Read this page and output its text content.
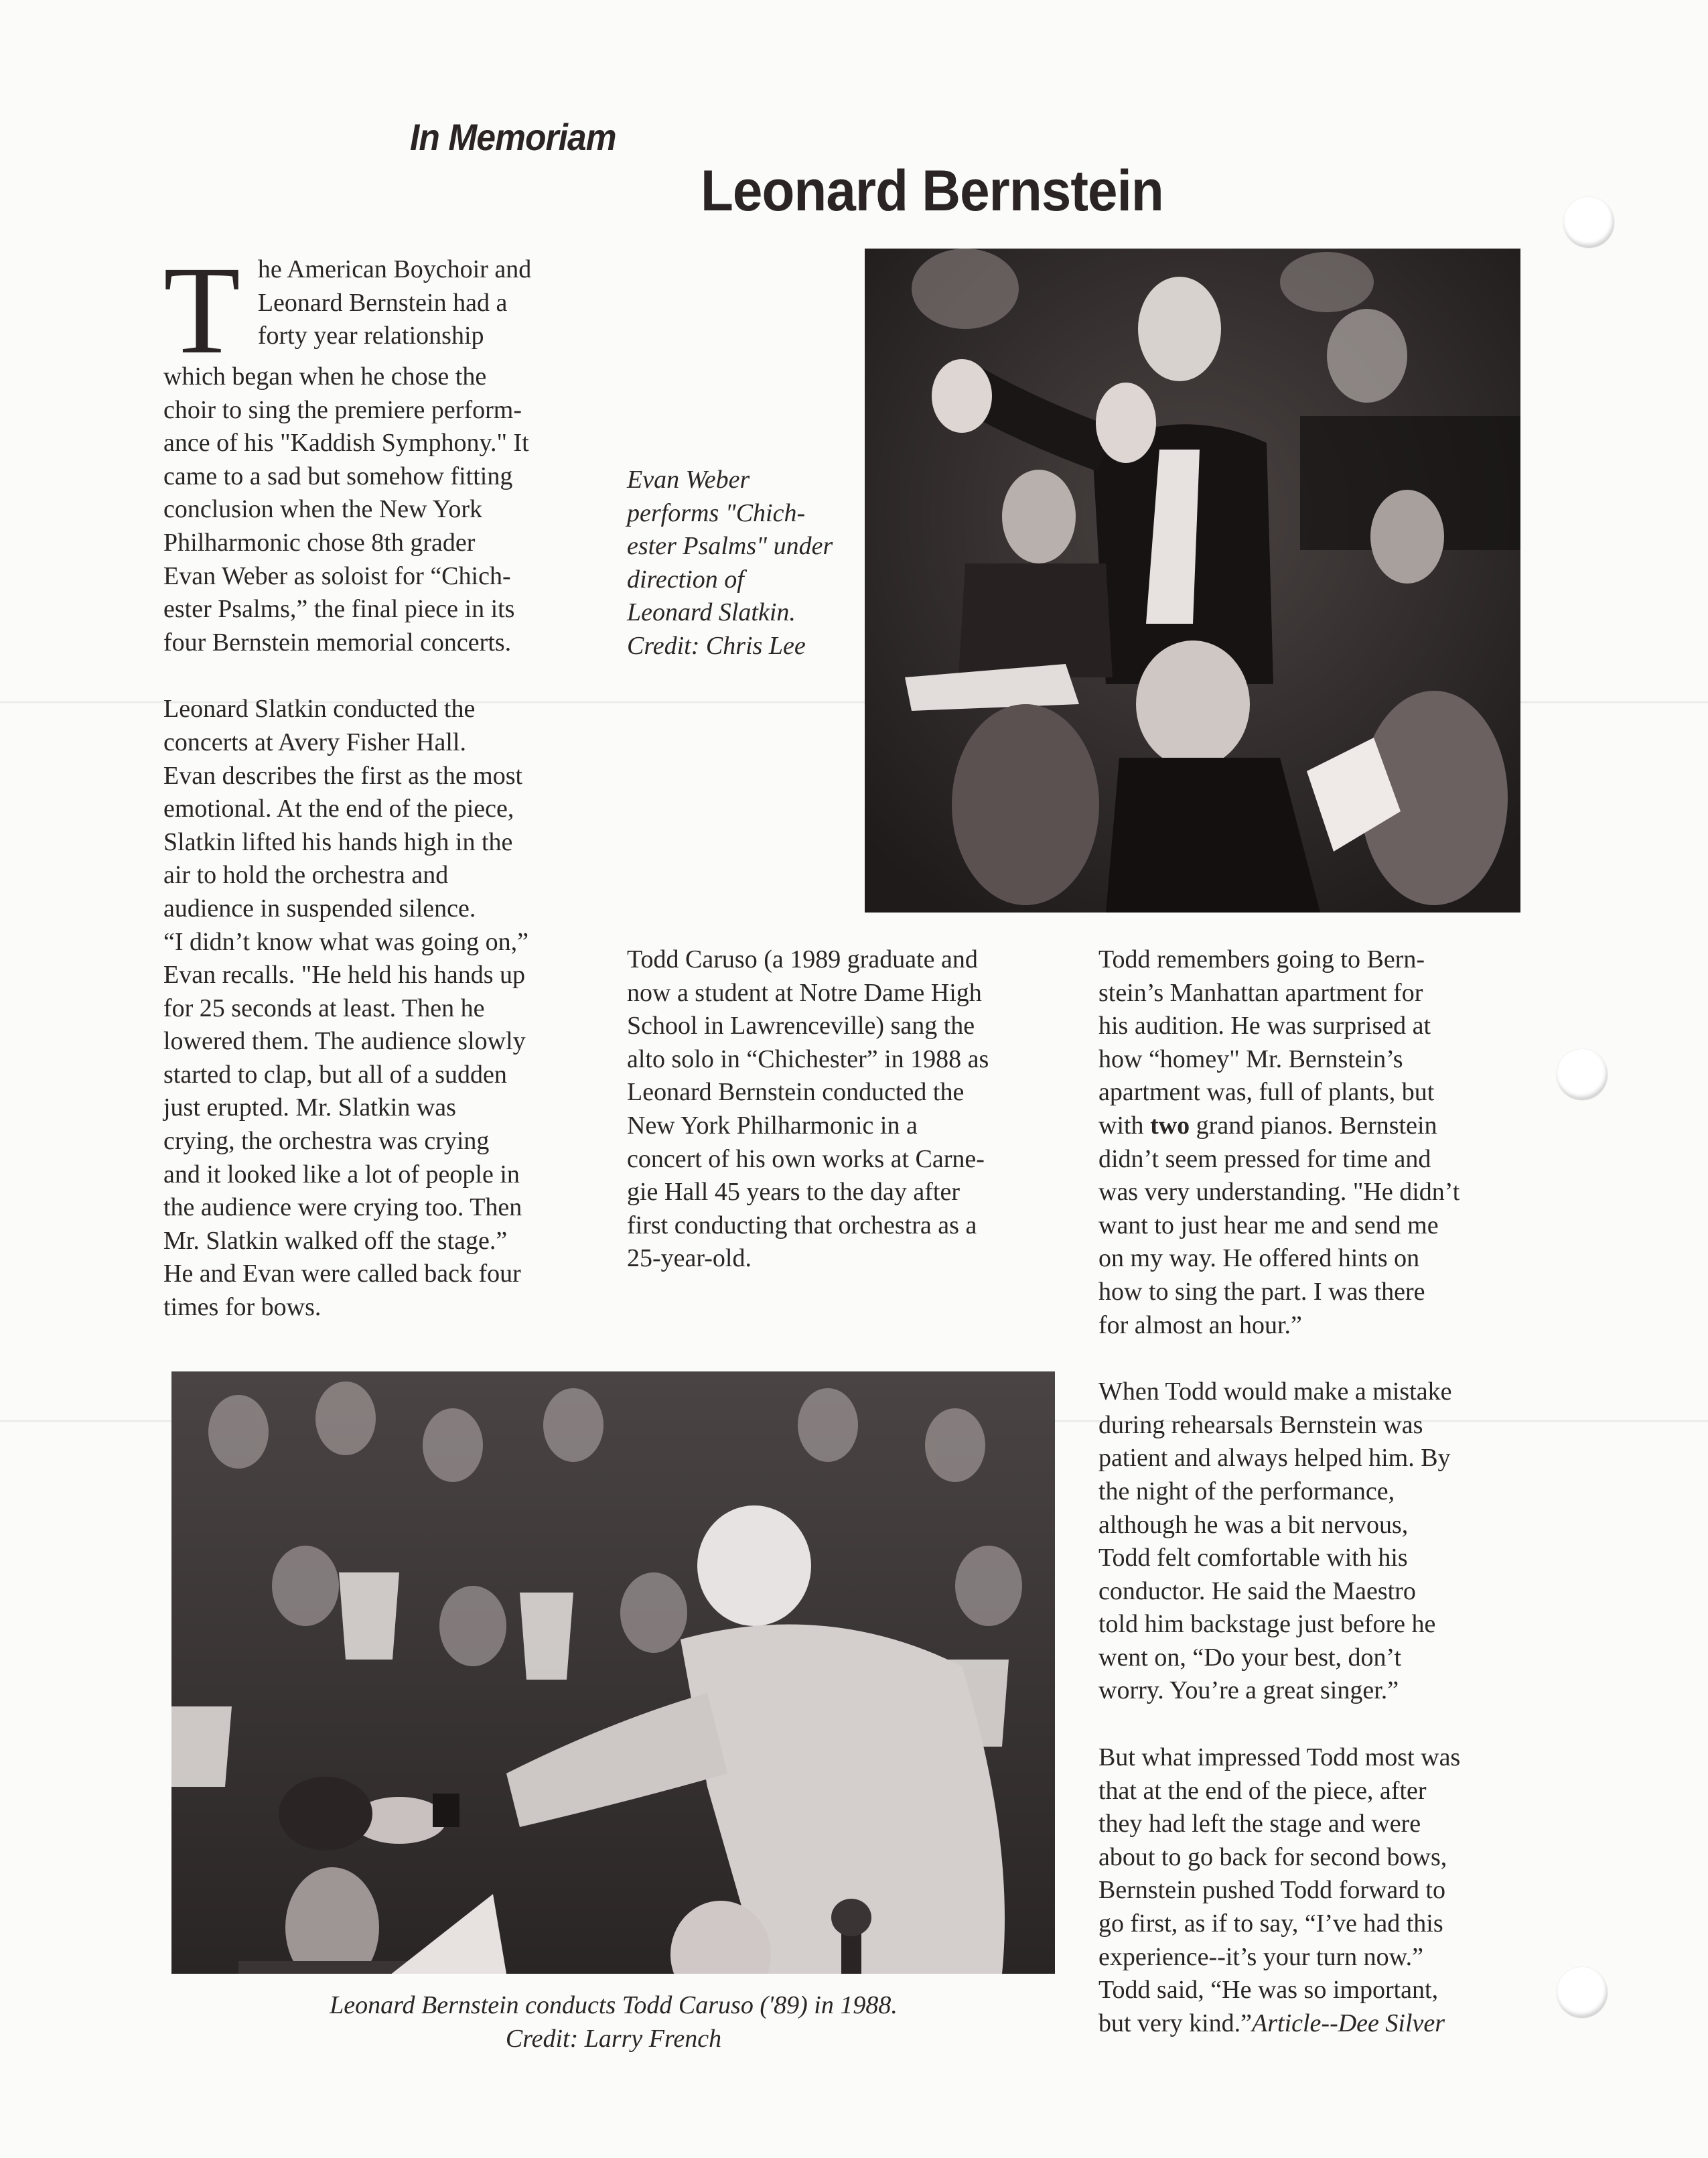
In Memoriam
Leonard Bernstein
T he American Boychoir and
Leonard Bernstein had a
forty year relationship

which began when he chose the
choir to sing the premiere perform-
ance of his "Kaddish Symphony." It
came to a sad but somehow fitting
conclusion when the New York
Philharmonic chose 8th grader
Evan Weber as soloist for “Chich-
ester Psalms,” the final piece in its
four Bernstein memorial concerts.

Leonard Slatkin conducted the
concerts at Avery Fisher Hall.
Evan describes the first as the most
emotional. At the end of the piece,
Slatkin lifted his hands high in the
air to hold the orchestra and
audience in suspended silence.
“I didn’t know what was going on,”
Evan recalls. "He held his hands up
for 25 seconds at least. Then he
lowered them. The audience slowly
started to clap, but all of a sudden
just erupted. Mr. Slatkin was
crying, the orchestra was crying
and it looked like a lot of people in
the audience were crying too. Then
Mr. Slatkin walked off the stage.”
He and Evan were called back four
times for bows.

Evan Weber
performs "Chich-
ester Psalms" under
direction of
Leonard Slatkin.
Credit: Chris Lee

Todd Caruso (a 1989 graduate and
now a student at Notre Dame High
School in Lawrenceville) sang the
alto solo in “Chichester” in 1988 as
Leonard Bernstein conducted the
New York Philharmonic in a
concert of his own works at Carne-
gie Hall 45 years to the day after
first conducting that orchestra as a
25-year-old.

Todd remembers going to Bern-
stein’s Manhattan apartment for
his audition. He was surprised at
how “homey" Mr. Bernstein’s
apartment was, full of plants, but
with two grand pianos. Bernstein
didn’t seem pressed for time and
was very understanding. "He didn’t
want to just hear me and send me
on my way. He offered hints on
how to sing the part. I was there
for almost an hour.”

When Todd would make a mistake
during rehearsals Bernstein was
patient and always helped him. By
the night of the performance,
although he was a bit nervous,
Todd felt comfortable with his
conductor. He said the Maestro
told him backstage just before he
went on, “Do your best, don’t
worry. You’re a great singer.”

But what impressed Todd most was
that at the end of the piece, after
they had left the stage and were
about to go back for second bows,
Bernstein pushed Todd forward to
go first, as if to say, “I’ve had this
experience--it’s your turn now.”
Todd said, “He was so important,
but very kind.”Article--Dee Silver

Leonard Bernstein conducts Todd Caruso ('89) in 1988.
Credit: Larry French
